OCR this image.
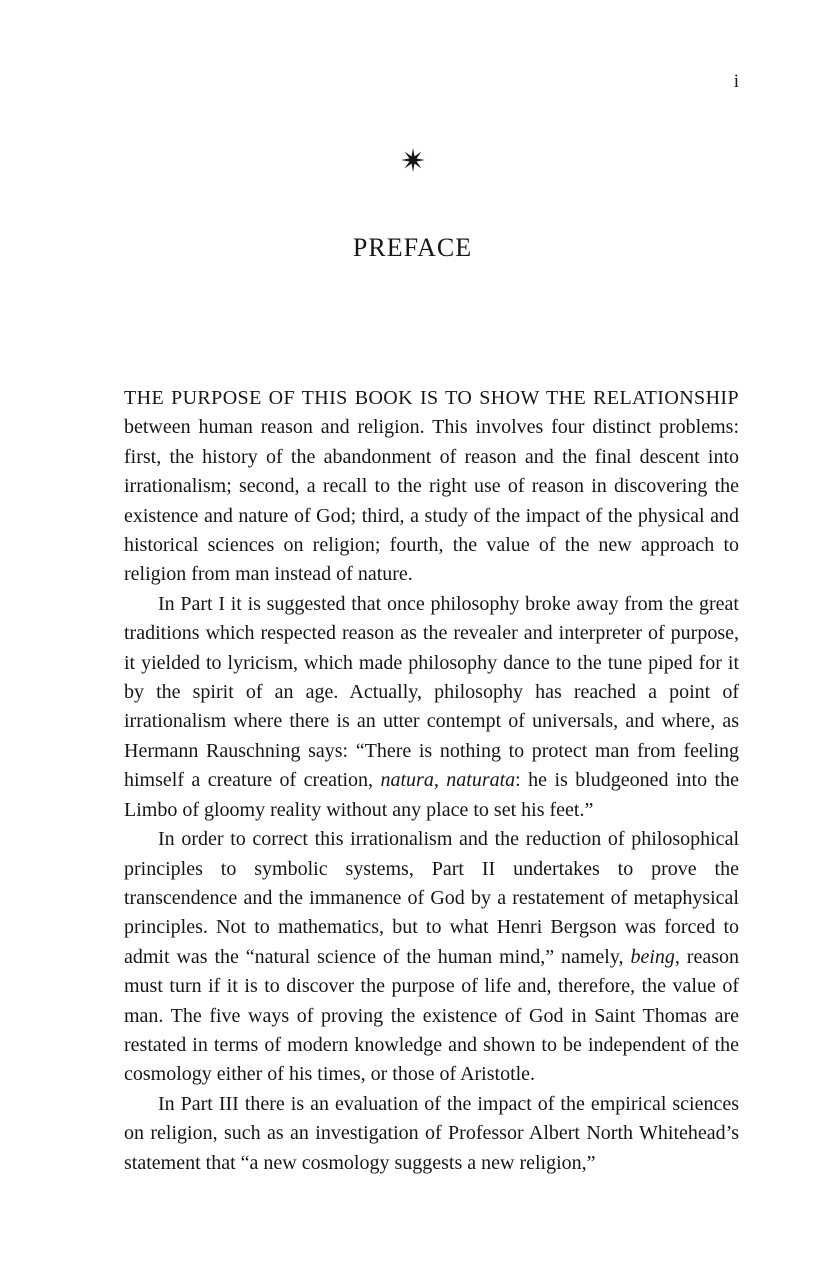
i
PREFACE

THE PURPOSE OF THIS BOOK IS TO SHOW THE RELATIONSHIP between human reason and religion. This involves four distinct problems: first, the history of the abandonment of reason and the final descent into irrationalism; second, a recall to the right use of reason in discovering the existence and nature of God; third, a study of the impact of the physical and historical sciences on religion; fourth, the value of the new approach to religion from man instead of nature.

In Part I it is suggested that once philosophy broke away from the great traditions which respected reason as the revealer and interpreter of purpose, it yielded to lyricism, which made philosophy dance to the tune piped for it by the spirit of an age. Actually, philosophy has reached a point of irrationalism where there is an utter contempt of universals, and where, as Hermann Rauschning says: “There is nothing to protect man from feeling himself a creature of creation, natura, naturata: he is bludgeoned into the Limbo of gloomy reality without any place to set his feet.”

In order to correct this irrationalism and the reduction of philosophical principles to symbolic systems, Part II undertakes to prove the transcendence and the immanence of God by a restatement of metaphysical principles. Not to mathematics, but to what Henri Bergson was forced to admit was the “natural science of the human mind,” namely, being, reason must turn if it is to discover the purpose of life and, therefore, the value of man. The five ways of proving the existence of God in Saint Thomas are restated in terms of modern knowledge and shown to be independent of the cosmology either of his times, or those of Aristotle.

In Part III there is an evaluation of the impact of the empirical sciences on religion, such as an investigation of Professor Albert North Whitehead’s statement that “a new cosmology suggests a new religion,”
